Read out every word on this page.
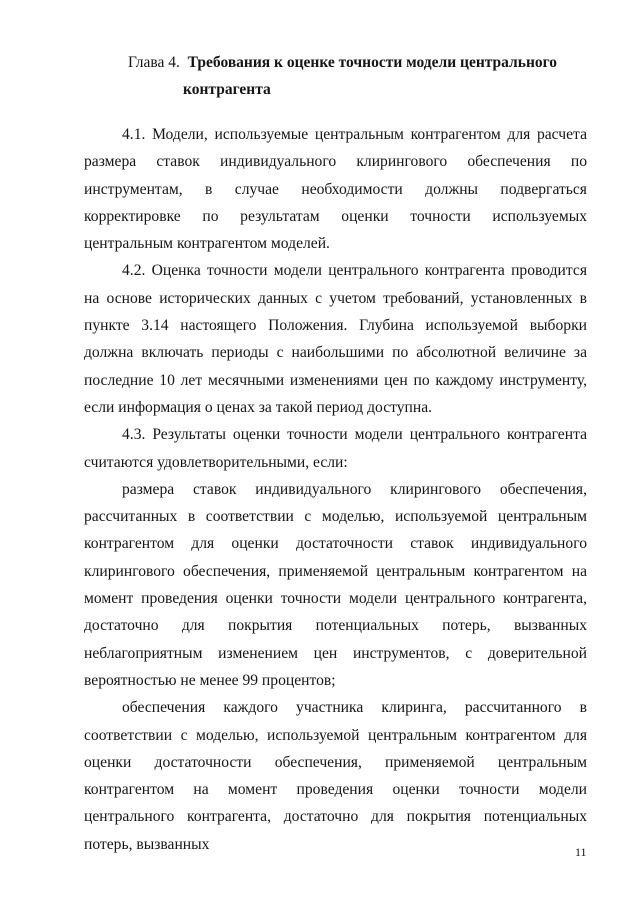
Глава 4. Требования к оценке точности модели центрального
контрагента

4.1. Модели, используемые центральным контрагентом для расчета размера ставок индивидуального клирингового обеспечения по инструментам, в случае необходимости должны подвергаться корректировке по результатам оценки точности используемых центральным контрагентом моделей.

4.2. Оценка точности модели центрального контрагента проводится на основе исторических данных с учетом требований, установленных в пункте 3.14 настоящего Положения. Глубина используемой выборки должна включать периоды с наибольшими по абсолютной величине за последние 10 лет месячными изменениями цен по каждому инструменту, если информация о ценах за такой период доступна.

4.3. Результаты оценки точности модели центрального контрагента считаются удовлетворительными, если:

размера ставок индивидуального клирингового обеспечения, рассчитанных в соответствии с моделью, используемой центральным контрагентом для оценки достаточности ставок индивидуального клирингового обеспечения, применяемой центральным контрагентом на момент проведения оценки точности модели центрального контрагента, достаточно для покрытия потенциальных потерь, вызванных неблагоприятным изменением цен инструментов, с доверительной вероятностью не менее 99 процентов;

обеспечения каждого участника клиринга, рассчитанного в соответствии с моделью, используемой центральным контрагентом для оценки достаточности обеспечения, применяемой центральным контрагентом на момент проведения оценки точности модели центрального контрагента, достаточно для покрытия потенциальных потерь, вызванных	11
